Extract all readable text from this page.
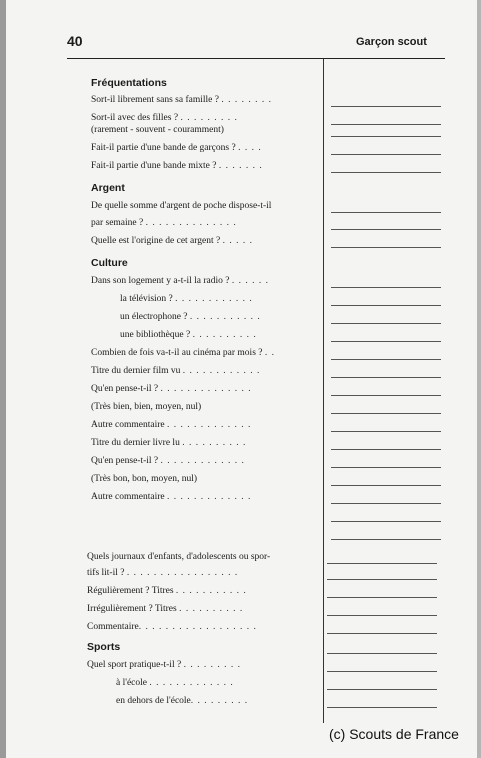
40	Garçon scout
Fréquentations
Sort-il librement sans sa famille ? . . . . . . . .
Sort-il avec des filles ? . . . . . . . . .
(rarement - souvent - couramment)
Fait-il partie d'une bande de garçons ? . . . .
Fait-il partie d'une bande mixte ? . . . . . . .
Argent
De quelle somme d'argent de poche dispose-t-il
par semaine ? . . . . . . . . . . . . . .
Quelle est l'origine de cet argent ? . . . . .
Culture
Dans son logement y a-t-il la radio ? . . . . . .
la télévision ? . . . . . . . . . . . .
un électrophone ? . . . . . . . . . . .
une bibliothèque ? . . . . . . . . . .
Combien de fois va-t-il au cinéma par mois ? . .
Titre du dernier film vu . . . . . . . . . . . .
Qu'en pense-t-il ? . . . . . . . . . . . . . .
(Très bien, bien, moyen, nul)
Autre commentaire . . . . . . . . . . . . .
Titre du dernier livre lu . . . . . . . . . .
Qu'en pense-t-il ? . . . . . . . . . . . . .
(Très bon, bon, moyen, nul)
Autre commentaire . . . . . . . . . . . . .
Quels journaux d'enfants, d'adolescents ou spor-
tifs lit-il ? . . . . . . . . . . . . . . . . .
Régulièrement ? Titres . . . . . . . . . . .
Irrégulièrement ? Titres . . . . . . . . . .
Commentaire. . . . . . . . . . . . . . . . . .
Sports
Quel sport pratique-t-il ? . . . . . . . . .
à l'école . . . . . . . . . . . . .
en dehors de l'école. . . . . . . . .
(c) Scouts de France
